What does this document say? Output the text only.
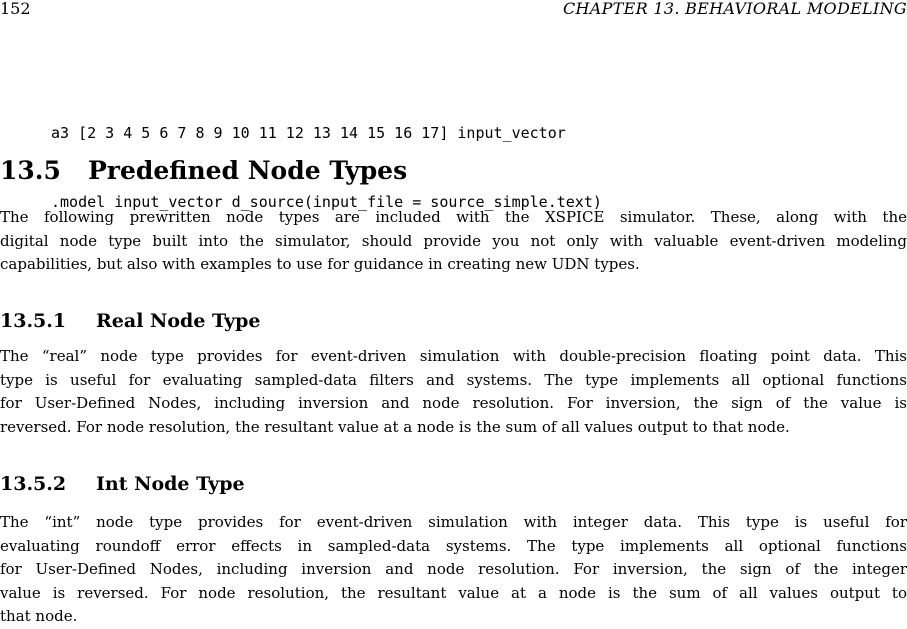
152	CHAPTER 13. BEHAVIORAL MODELING

a3 [2 3 4 5 6 7 8 9 10 11 12 13 14 15 16 17] input_vector

.model input_vector d_source(input_file = source_simple.text)

13.5 Predefined Node Types
The following prewritten node types are included with the XSPICE simulator. These, along with the
digital node type built into the simulator, should provide you not only with valuable event-driven modeling
capabilities, but also with examples to use for guidance in creating new UDN types.
13.5.1 Real Node Type
The “real” node type provides for event-driven simulation with double-precision floating point data. This
type is useful for evaluating sampled-data filters and systems. The type implements all optional functions
for User-Defined Nodes, including inversion and node resolution. For inversion, the sign of the value is
reversed. For node resolution, the resultant value at a node is the sum of all values output to that node.
13.5.2 Int Node Type
The “int” node type provides for event-driven simulation with integer data. This type is useful for
evaluating roundoff error effects in sampled-data systems. The type implements all optional functions
for User-Defined Nodes, including inversion and node resolution. For inversion, the sign of the integer
value is reversed. For node resolution, the resultant value at a node is the sum of all values output to
that node.
